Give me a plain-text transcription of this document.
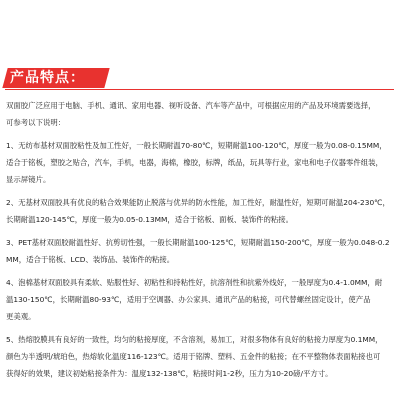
产品特点：

双面胶广泛应用于电脑、手机、通讯、家用电器、视听设备、汽车等产品中，可根据应用的产品及环境需要选择，

可参考以下说明：

1、无纺布基材双面胶粘性及加工性好，一般长期耐温70-80℃，短期耐温100-120℃，厚度一般为0.08-0.15MM，

适合于铭板，塑胶之贴合，汽车，手机，电器，海棉，橡胶，标牌，纸品，玩具等行业，家电和电子仪器零件组装，

显示屏镜片。

2、无基材双面胶具有优良的粘合效果能防止脱落与优异的防水性能，加工性好，耐温性好，短期可耐温204-230℃，

长期耐温120-145℃，厚度一般为0.05-0.13MM，适合于铭板、面板、装饰件的粘接。

3、PET基材双面胶耐温性好、抗剪切性强，一般长期耐温100-125℃，短期耐温150-200℃，厚度一般为0.048-0.2

MM，适合于铭板、LCD、装饰品、装饰件的粘接。

4、泡棉基材双面胶具有柔软、贴服性好、初粘性和持粘性好，抗溶剂性和抗紫外线好，一般厚度为0.4-1.0MM，耐

温130-150℃，长期耐温80-93℃，适用于空调器、办公家具、通讯产品的粘接，可代替螺丝固定设计，使产品

更美观。

5、热熔胶膜具有良好的一致性，均匀的粘接厚度，不含溶剂，易加工，对很多物体有良好的粘接力厚度为0.1MM，

颜色为半透明/琥珀色，热熔软化温度116-123℃。适用于铭牌、塑料、五金件的粘接；在不平整物体表面粘接也可

获得好的效果，建议初始粘接条件为：温度132-138℃，粘接时间1-2秒，压力为10-20磅/平方寸。
